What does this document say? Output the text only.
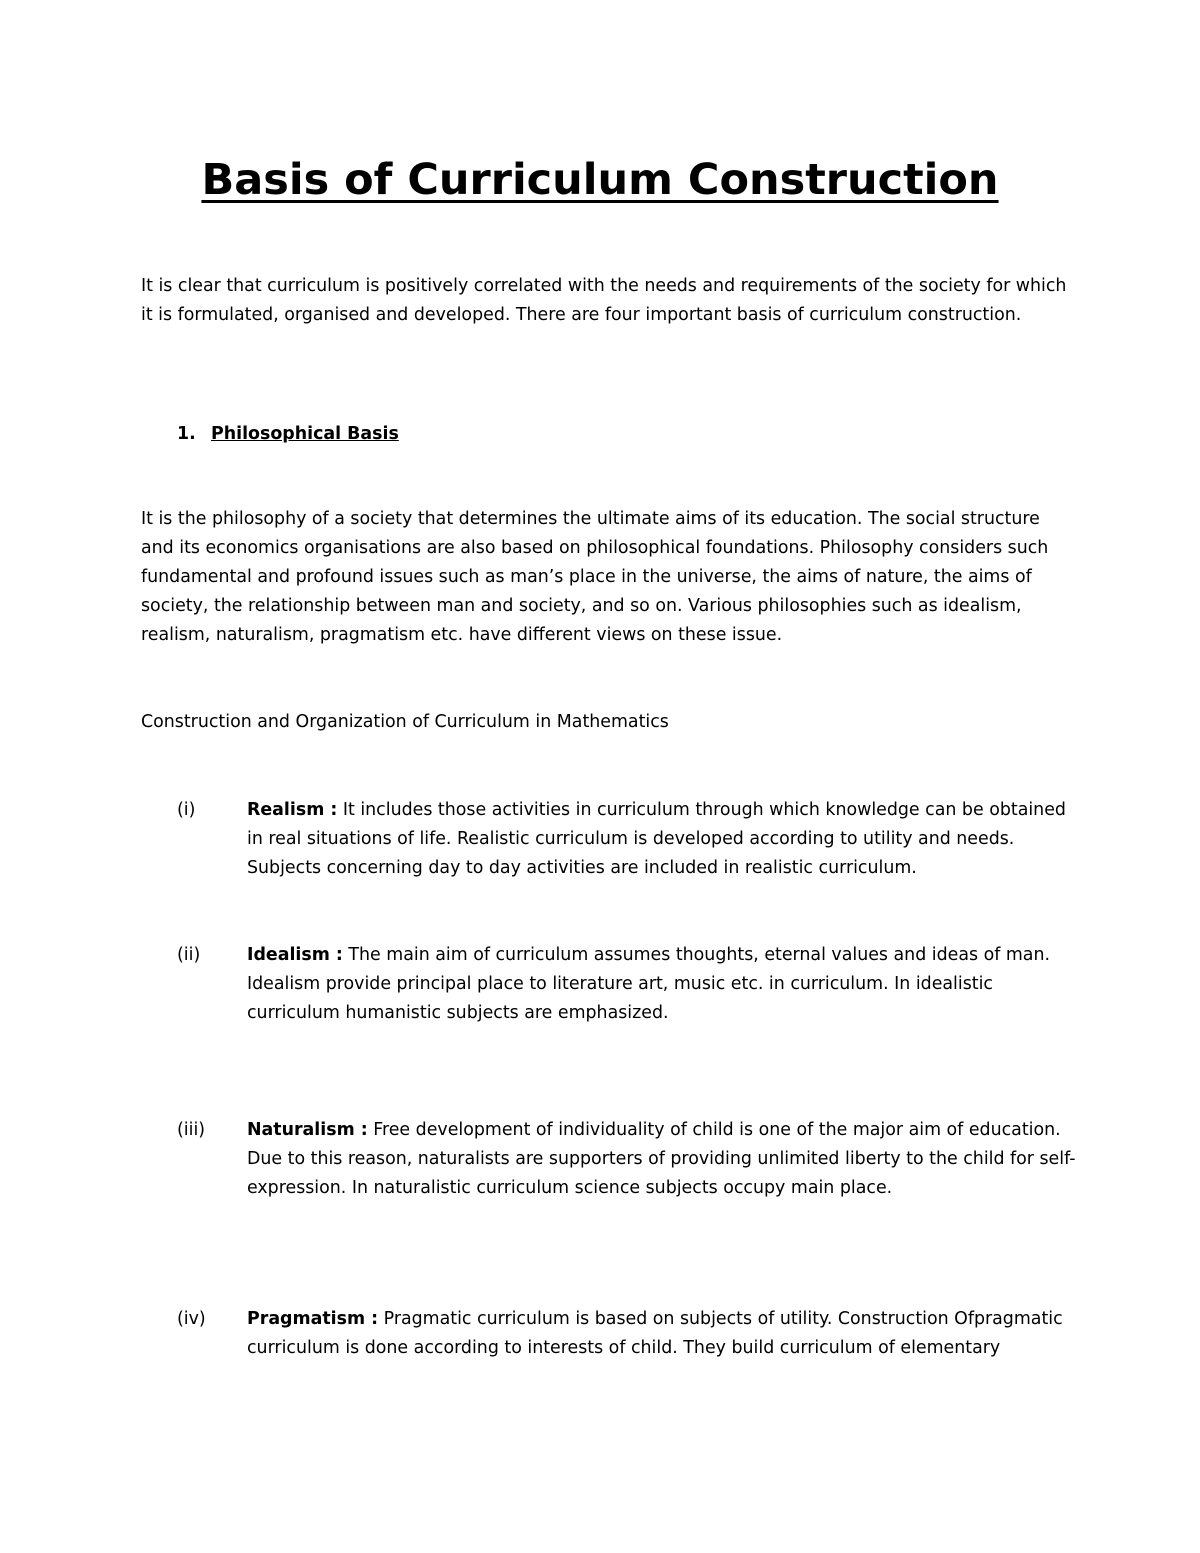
Basis of Curriculum Construction

It is clear that curriculum is positively correlated with the needs and requirements of the society for which it is formulated, organised and developed. There are four important basis of curriculum construction.

1. Philosophical Basis

It is the philosophy of a society that determines the ultimate aims of its education. The social structure and its economics organisations are also based on philosophical foundations. Philosophy considers such fundamental and profound issues such as man’s place in the universe, the aims of nature, the aims of society, the relationship between man and society, and so on. Various philosophies such as idealism, realism, naturalism, pragmatism etc. have different views on these issue.

Construction and Organization of Curriculum in Mathematics

(i)	Realism : It includes those activities in curriculum through which knowledge can be obtained in real situations of life. Realistic curriculum is developed according to utility and needs. Subjects concerning day to day activities are included in realistic curriculum.
(ii)	Idealism : The main aim of curriculum assumes thoughts, eternal values and ideas of man. Idealism provide principal place to literature art, music etc. in curriculum. In idealistic curriculum humanistic subjects are emphasized.
(iii) Naturalism : Free development of individuality of child is one of the major aim of education. Due to this reason, naturalists are supporters of providing unlimited liberty to the child for self-expression. In naturalistic curriculum science subjects occupy main place.
(iv) Pragmatism : Pragmatic curriculum is based on subjects of utility. Construction Ofpragmatic curriculum is done according to interests of child. They build curriculum of elementary
